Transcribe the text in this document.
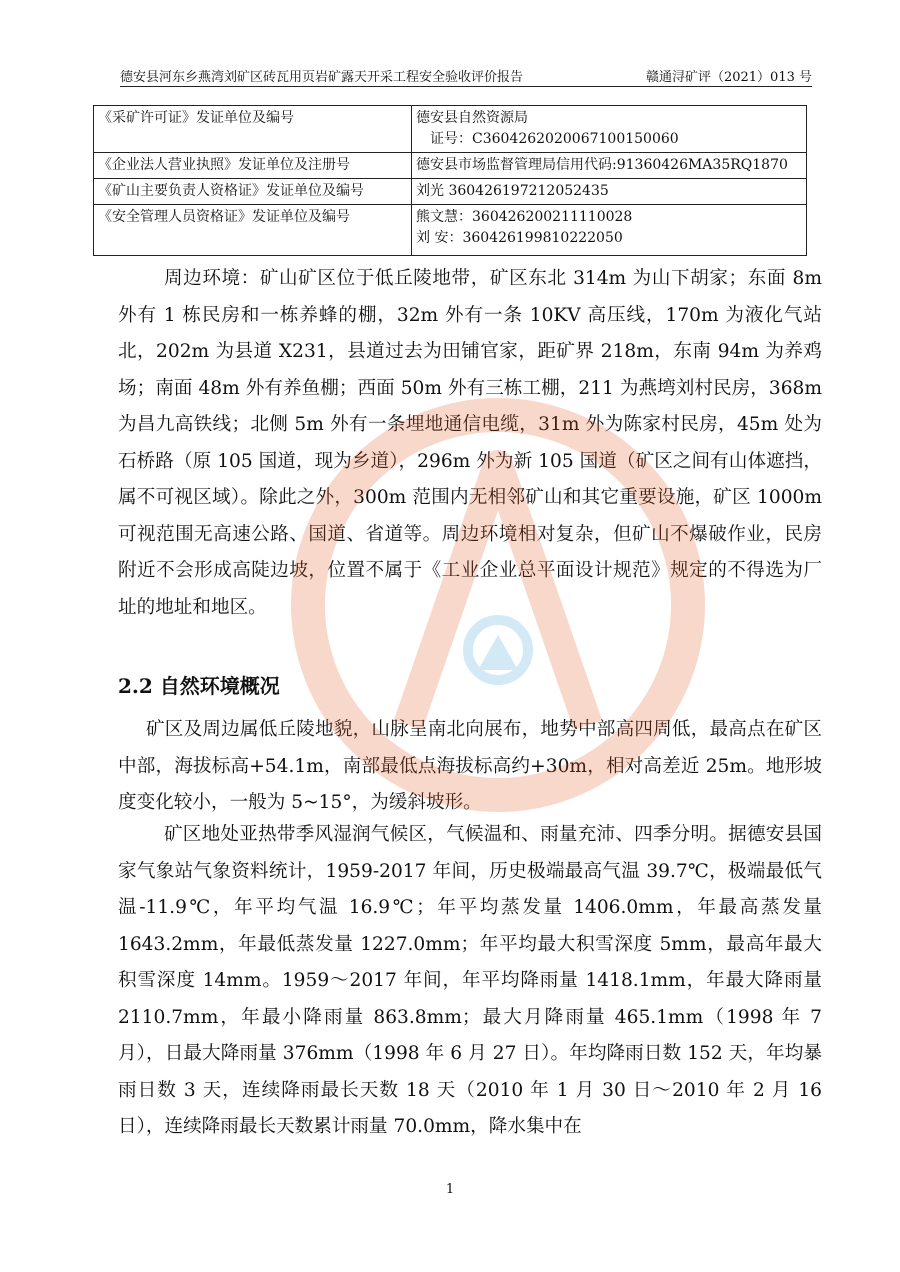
德安县河东乡燕湾刘矿区砖瓦用页岩矿露天开采工程安全验收评价报告	赣通浔矿评（2021）013 号
《采矿许可证》发证单位及编号	德安县自然资源局
证号：C3604262020067100150060

《企业法人营业执照》发证单位及注册号	德安县市场监督管理局信用代码:91360426MA35RQ1870
《矿山主要负责人资格证》发证单位及编号	刘光 360426197212052435
《安全管理人员资格证》发证单位及编号	熊文慧：360426200211110028
刘 安：360426199810222050

周边环境：矿山矿区位于低丘陵地带，矿区东北 314m 为山下胡家；东面 8m 外有 1 栋民房和一栋养蜂的棚，32m 外有一条 10KV 高压线，170m 为液化气站北，202m 为县道 X231，县道过去为田铺官家，距矿界 218m，东南 94m 为养鸡场；南面 48m 外有养鱼棚；西面 50m 外有三栋工棚，211 为燕塆刘村民房，368m 为昌九高铁线；北侧 5m 外有一条埋地通信电缆，31m 外为陈家村民房，45m 处为石桥路（原 105 国道，现为乡道），296m 外为新 105 国道（矿区之间有山体遮挡，属不可视区域）。除此之外，300m 范围内无相邻矿山和其它重要设施，矿区 1000m 可视范围无高速公路、国道、省道等。周边环境相对复杂，但矿山不爆破作业，民房附近不会形成高陡边坡，位置不属于《工业企业总平面设计规范》规定的不得选为厂址的地址和地区。

2.2 自然环境概况

矿区及周边属低丘陵地貌，山脉呈南北向展布，地势中部高四周低，最高点在矿区中部，海拔标高+54.1m，南部最低点海拔标高约+30m，相对高差近 25m。地形坡度变化较小，一般为 5~15°，为缓斜坡形。

矿区地处亚热带季风湿润气候区，气候温和、雨量充沛、四季分明。据德安县国家气象站气象资料统计，1959-2017 年间，历史极端最高气温 39.7℃，极端最低气温-11.9℃，年平均气温 16.9℃；年平均蒸发量 1406.0mm，年最高蒸发量 1643.2mm，年最低蒸发量 1227.0mm；年平均最大积雪深度 5mm，最高年最大积雪深度 14mm。1959～2017 年间，年平均降雨量 1418.1mm，年最大降雨量 2110.7mm，年最小降雨量 863.8mm；最大月降雨量 465.1mm（1998 年 7 月），日最大降雨量 376mm（1998 年 6 月 27 日）。年均降雨日数 152 天，年均暴雨日数 3 天，连续降雨最长天数 18 天（2010 年 1 月 30 日～2010 年 2 月 16 日），连续降雨最长天数累计雨量 70.0mm，降水集中在

1
